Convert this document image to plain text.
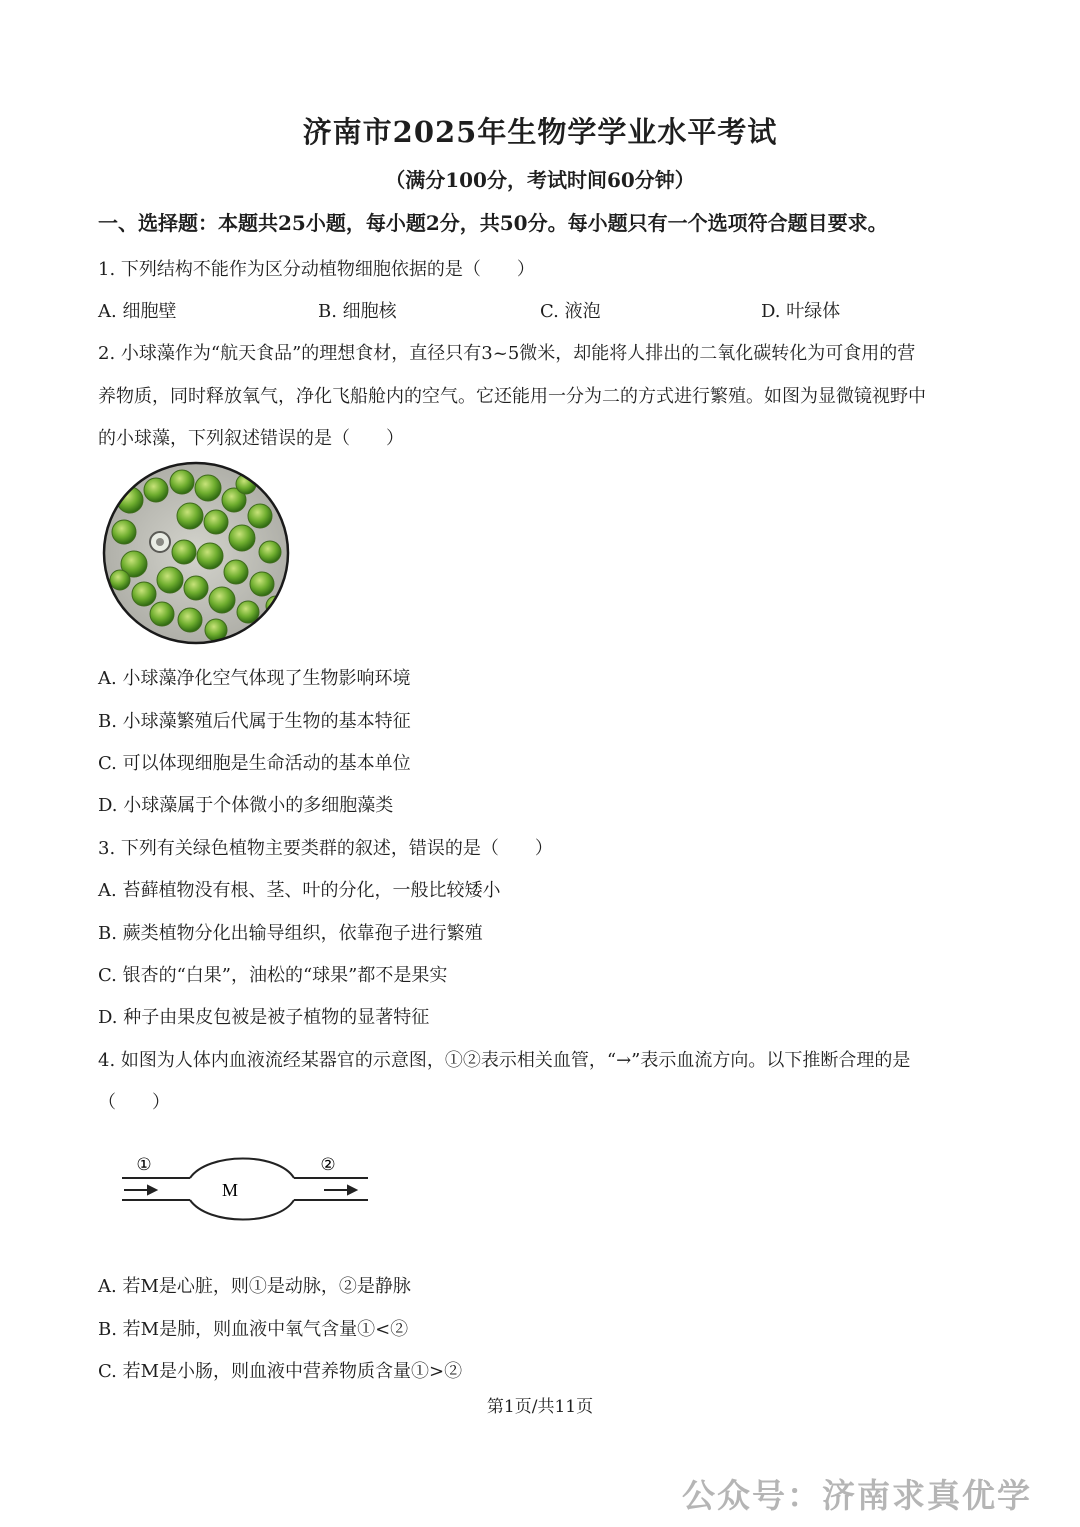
济南市2025年生物学学业水平考试
（满分100分，考试时间60分钟）
一、选择题：本题共25小题，每小题2分，共50分。每小题只有一个选项符合题目要求。
1. 下列结构不能作为区分动植物细胞依据的是（　　）
A. 细胞壁	B. 细胞核	C. 液泡	D. 叶绿体
2. 小球藻作为“航天食品”的理想食材，直径只有3~5微米，却能将人排出的二氧化碳转化为可食用的营
养物质，同时释放氧气，净化飞船舱内的空气。它还能用一分为二的方式进行繁殖。如图为显微镜视野中
的小球藻，下列叙述错误的是（　　）
A. 小球藻净化空气体现了生物影响环境
B. 小球藻繁殖后代属于生物的基本特征
C. 可以体现细胞是生命活动的基本单位
D. 小球藻属于个体微小的多细胞藻类
3. 下列有关绿色植物主要类群的叙述，错误的是（　　）
A. 苔藓植物没有根、茎、叶的分化，一般比较矮小
B. 蕨类植物分化出输导组织，依靠孢子进行繁殖
C. 银杏的“白果”，油松的“球果”都不是果实
D. 种子由果皮包被是被子植物的显著特征
4. 如图为人体内血液流经某器官的示意图，①②表示相关血管，“→”表示血流方向。以下推断合理的是
（　　）
①	②
M
A. 若M是心脏，则①是动脉，②是静脉
B. 若M是肺，则血液中氧气含量①<②
C. 若M是小肠，则血液中营养物质含量①>②
第1页/共11页
公众号：济南求真优学
